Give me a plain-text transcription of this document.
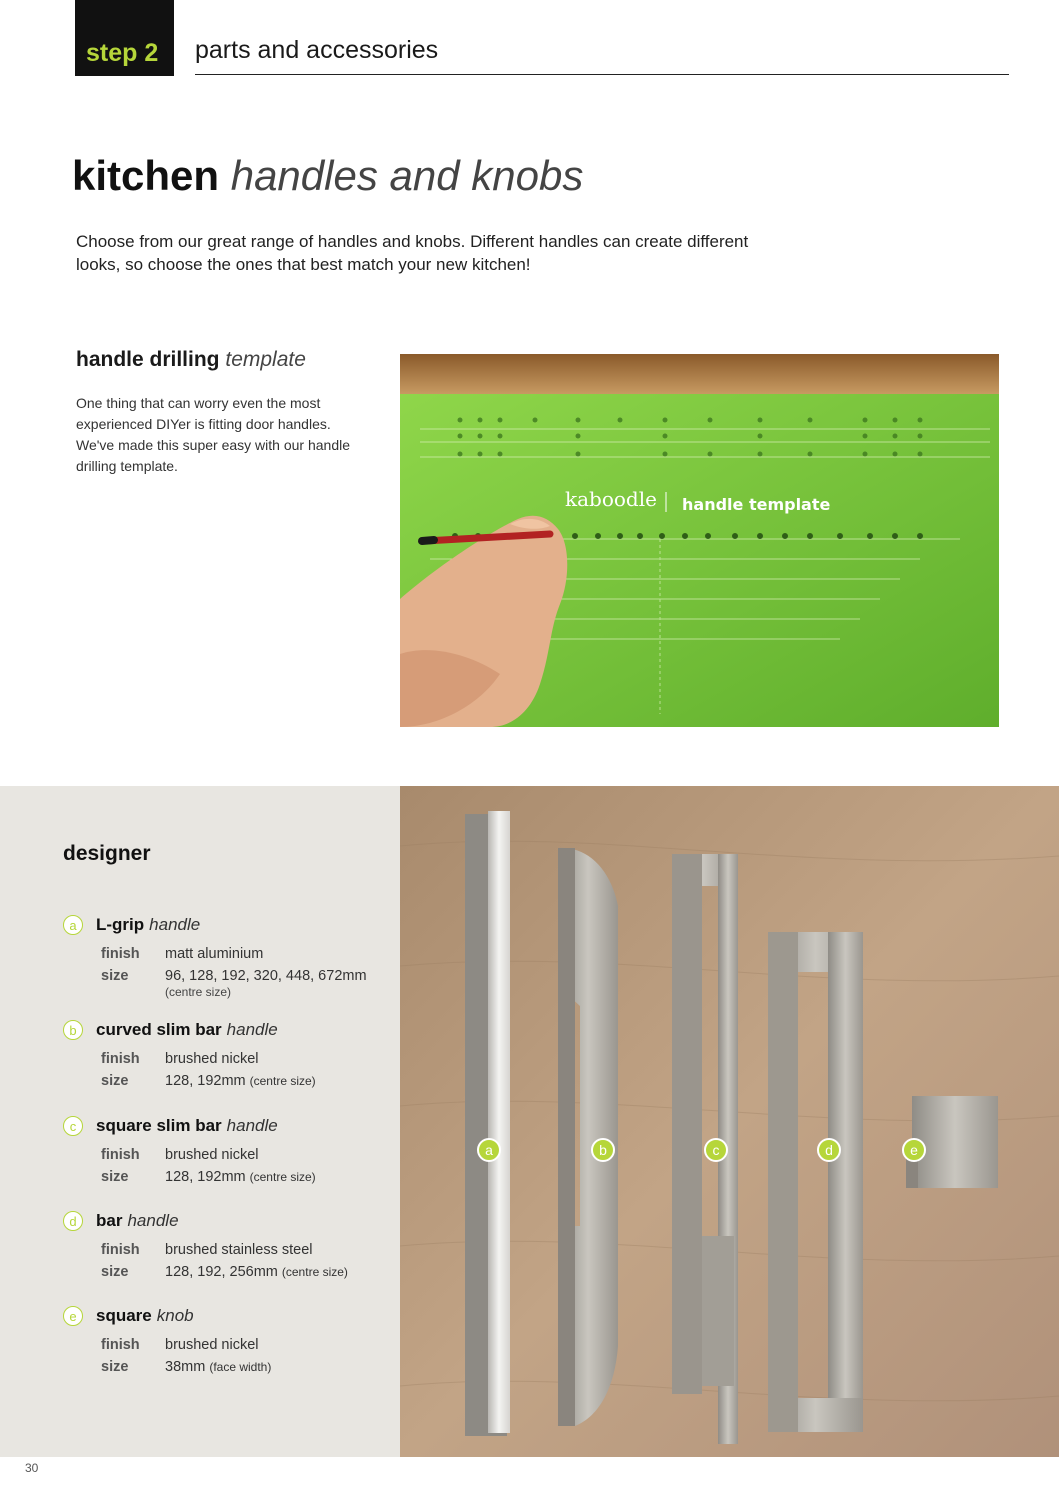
step 2 parts and accessories
kitchen handles and knobs
Choose from our great range of handles and knobs. Different handles can create different looks, so choose the ones that best match your new kitchen!
handle drilling template
One thing that can worry even the most experienced DIYer is fitting door handles. We've made this super easy with our handle drilling template.
kaboodle handle template
designer
a	L-grip handle
finish	matt aluminium
size	96, 128, 192, 320, 448, 672mm
(centre size)
b	curved slim bar handle
finish	brushed nickel
size	128, 192mm (centre size)
c	square slim bar handle
finish	brushed nickel
size	128, 192mm (centre size)
d	bar handle
finish	brushed stainless steel
size	128, 192, 256mm (centre size)
e	square knob
finish	brushed nickel
size	38mm (face width)
a	b	c	d	e
30
